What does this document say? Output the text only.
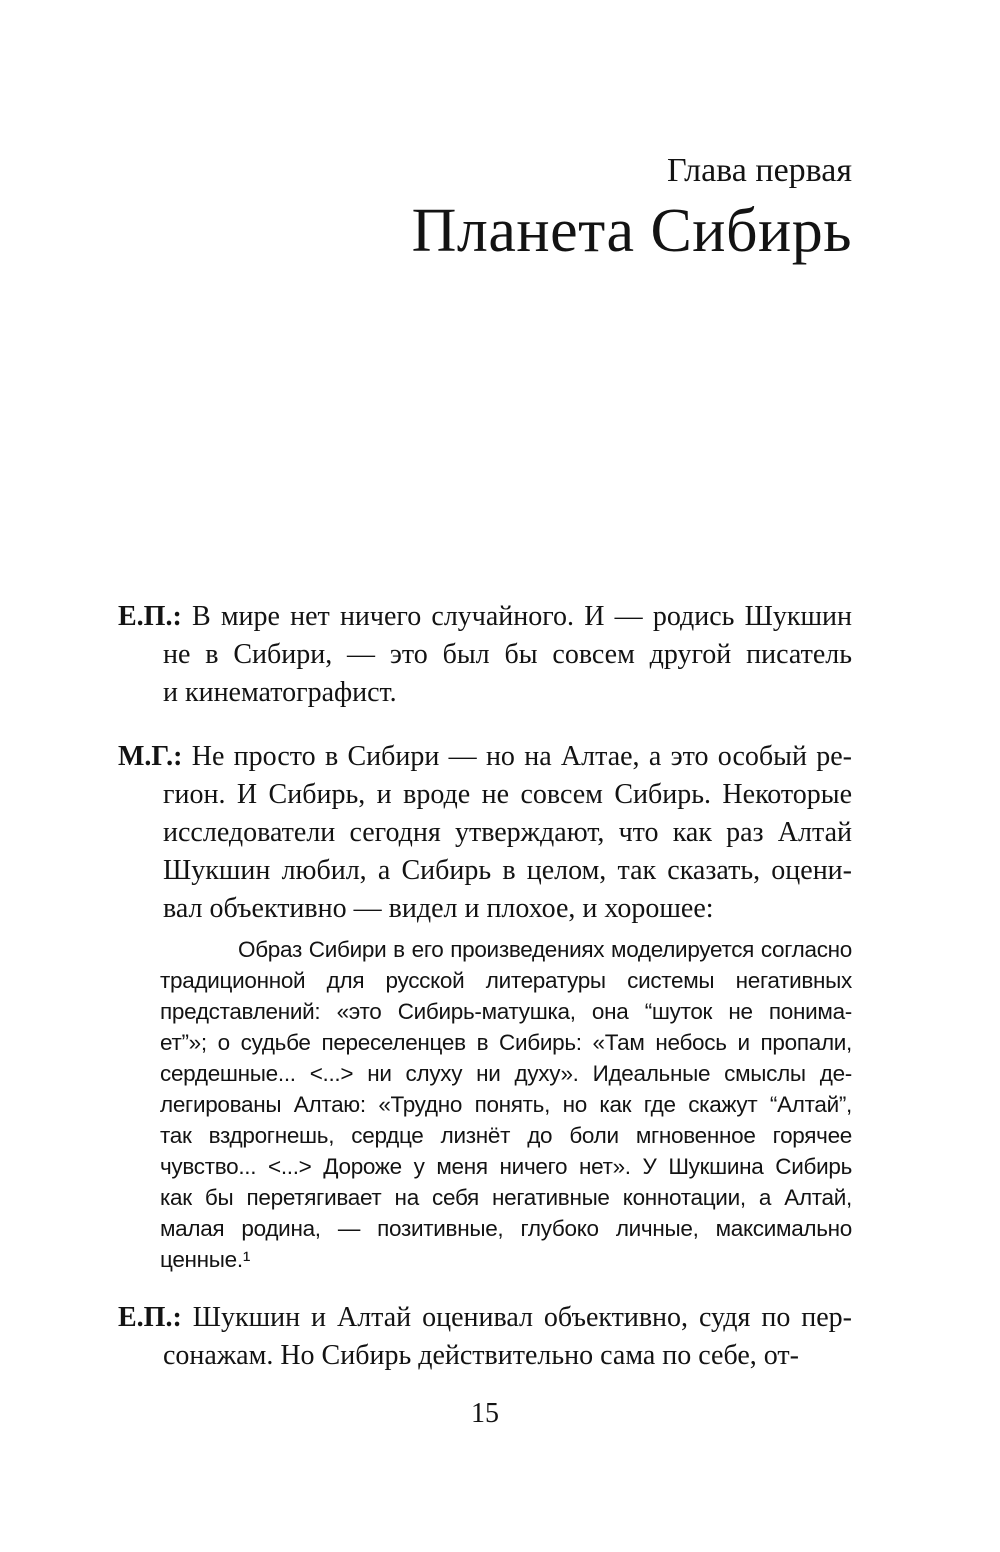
Глава первая
Планета Сибирь
Е.П.: В мире нет ничего случайного. И — родись Шукшин
не в Сибири, — это был бы совсем другой писатель
и кинематографист.
М.Г.: Не просто в Сибири — но на Алтае, а это особый ре-
гион. И Сибирь, и вроде не совсем Сибирь. Некоторые
исследователи сегодня утверждают, что как раз Алтай
Шукшин любил, а Сибирь в целом, так сказать, оцени-
вал объективно — видел и плохое, и хорошее:
Образ Сибири в его произведениях моделируется согласно
традиционной для русской литературы системы негативных
представлений: «это Сибирь-матушка, она “шуток не понима-
ет”»; о судьбе переселенцев в Сибирь: «Там небось и пропали,
сердешные... <...> ни слуху ни духу». Идеальные смыслы де-
легированы Алтаю: «Трудно понять, но как где скажут “Алтай”,
так вздрогнешь, сердце лизнёт до боли мгновенное горячее
чувство... <...> Дороже у меня ничего нет». У Шукшина Сибирь
как бы перетягивает на себя негативные коннотации, а Алтай,
малая родина, — позитивные, глубоко личные, максимально
ценные.¹
Е.П.: Шукшин и Алтай оценивал объективно, судя по пер-
сонажам. Но Сибирь действительно сама по себе, от-
15
